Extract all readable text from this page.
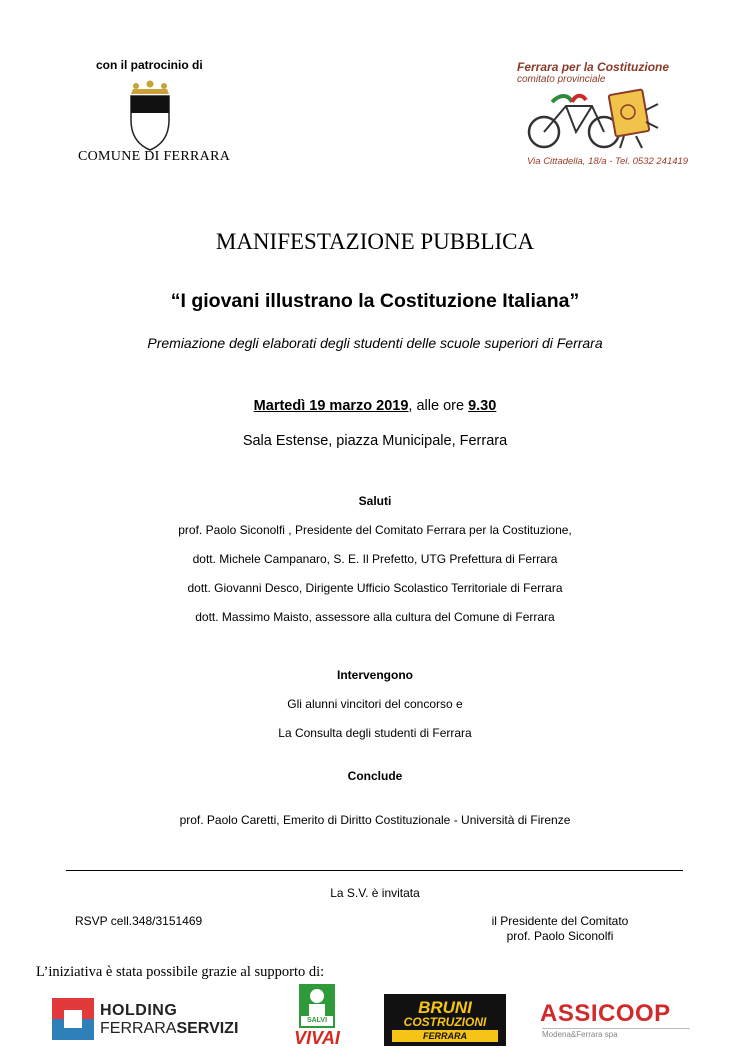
con il patrocinio di
COMUNE DI FERRARA
Ferrara per la Costituzione
comitato provinciale
Via Cittadella, 18/a - Tel. 0532 241419
MANIFESTAZIONE PUBBLICA
“I giovani illustrano la Costituzione Italiana”
Premiazione degli elaborati degli studenti delle scuole superiori di Ferrara
Martedì 19 marzo 2019, alle ore 9.30
Sala Estense, piazza Municipale, Ferrara
Saluti
prof. Paolo Siconolfi , Presidente del Comitato Ferrara per la Costituzione,
dott. Michele Campanaro, S. E. Il Prefetto, UTG Prefettura di Ferrara
dott. Giovanni Desco, Dirigente Ufficio Scolastico Territoriale di Ferrara
dott. Massimo Maisto, assessore alla cultura del Comune di Ferrara
Intervengono
Gli alunni vincitori del concorso e
La Consulta degli studenti di Ferrara
Conclude
prof. Paolo Caretti, Emerito di Diritto Costituzionale - Università di Firenze
La S.V. è invitata
RSVP cell.348/3151469	il Presidente del Comitato
prof. Paolo Siconolfi
L’iniziativa è stata possibile grazie al supporto di:
HOLDING
FERRARASERVIZI	SALVI
VIVAI
BRUNI
COSTRUZIONI
FERRARA
ASSICOOP
Modena&Ferrara spa
